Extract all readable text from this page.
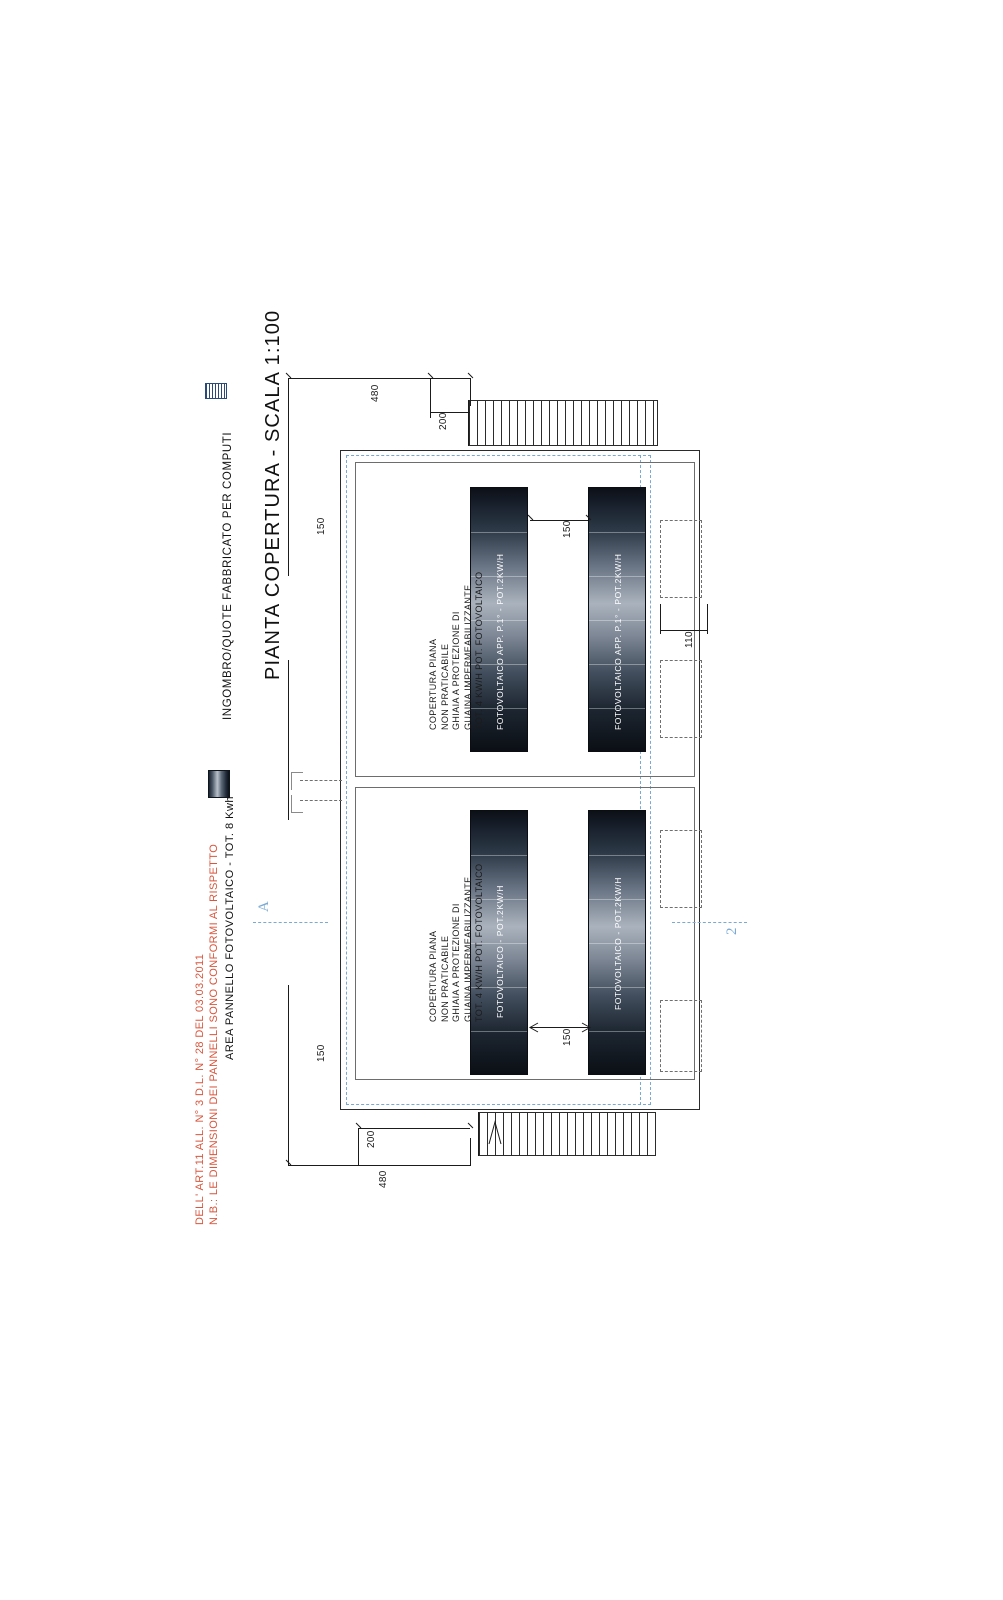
PIANTA COPERTURA - SCALA 1:100
INGOMBRO/QUOTE FABBRICATO PER COMPUTI
AREA PANNELLO FOTOVOLTAICO - TOT. 8 Kwh
N.B.: LE DIMENSIONI DEI PANNELLI SONO CONFORMI AL RISPETTO
DELL' ART.11 ALL. N° 3 D.L. N° 28 DEL 03.03.2011
FOTOVOLTAICO APP. P.1° - POT.2KW/H	FOTOVOLTAICO APP. P.1° - POT.2KW/H
FOTOVOLTAICO - POT.2KW/H	FOTOVOLTAICO - POT.2KW/H
COPERTURA PIANA NON PRATICABILE GHIAIA A PROTEZIONE DI GUAINA IMPERMEABILIZZANTE TOT. 4 KW/H POT. FOTOVOLTAICO
COPERTURA PIANA NON PRATICABILE GHIAIA A PROTEZIONE DI GUAINA IMPERMEABILIZZANTE TOT. 4 KW/H POT. FOTOVOLTAICO
A
2
480
200
150
150
150
150
110
200
480
